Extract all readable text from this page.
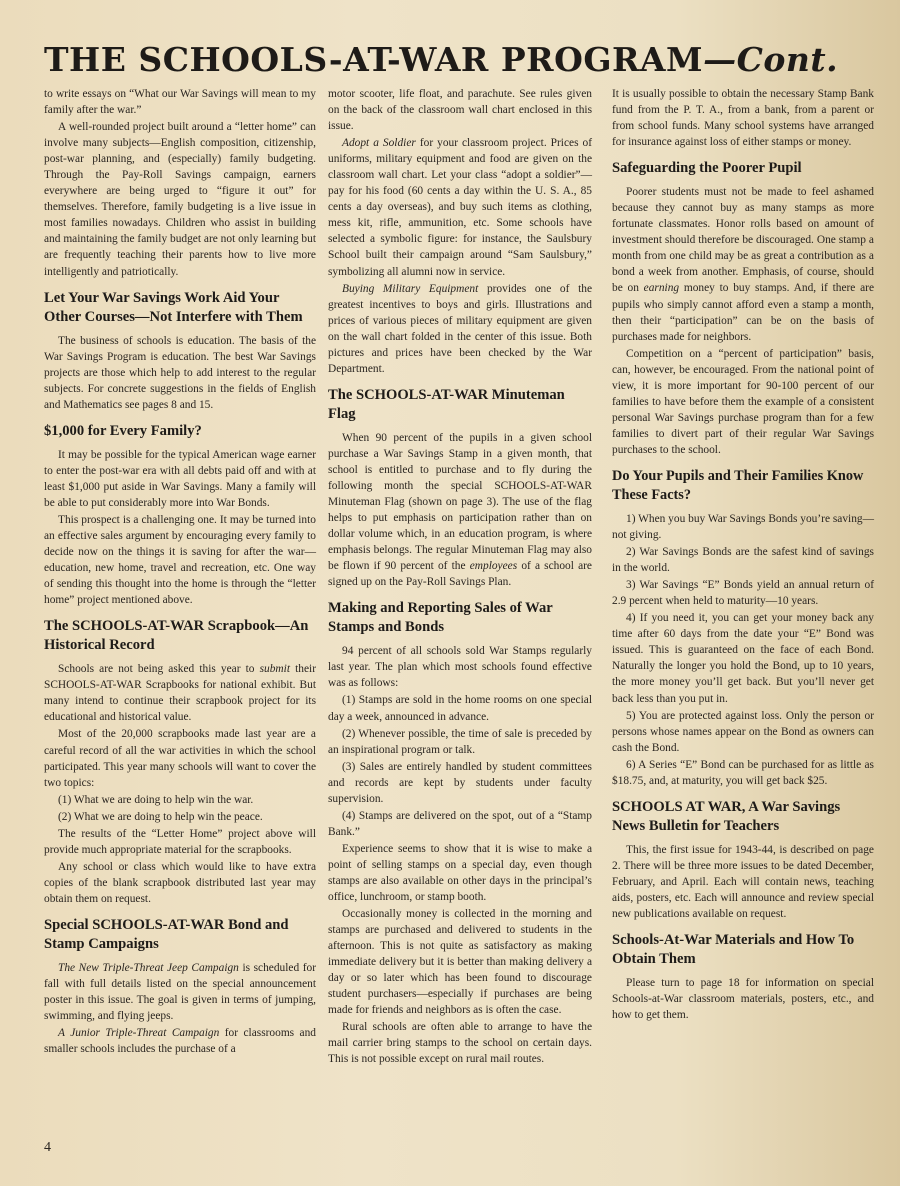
THE SCHOOLS-AT-WAR PROGRAM—Cont.

to write essays on “What our War Savings will mean to my family after the war.”

A well-rounded project built around a “letter home” can involve many subjects—English composition, citizenship, post-war planning, and (especially) family budgeting. Through the Pay-Roll Savings campaign, earners everywhere are being urged to “figure it out” for themselves. Therefore, family budgeting is a live issue in most families nowadays. Children who assist in building and maintaining the family budget are not only learning but are frequently teaching their parents how to live more intelligently and patriotically.

Let Your War Savings Work Aid Your Other Courses—Not Interfere with Them

The business of schools is education. The basis of the War Savings Program is education. The best War Savings projects are those which help to add interest to the regular subjects. For concrete suggestions in the fields of English and Mathematics see pages 8 and 15.

$1,000 for Every Family?

It may be possible for the typical American wage earner to enter the post-war era with all debts paid off and with at least $1,000 put aside in War Savings. Many a family will be able to put considerably more into War Bonds.

This prospect is a challenging one. It may be turned into an effective sales argument by encouraging every family to decide now on the things it is saving for after the war—education, new home, travel and recreation, etc. One way of sending this thought into the home is through the “letter home” project mentioned above.

The SCHOOLS-AT-WAR Scrapbook—An Historical Record

Schools are not being asked this year to submit their SCHOOLS-AT-WAR Scrapbooks for national exhibit. But many intend to continue their scrapbook project for its educational and historical value.

Most of the 20,000 scrapbooks made last year are a careful record of all the war activities in which the school participated. This year many schools will want to cover the two topics:

(1) What we are doing to help win the war.

(2) What we are doing to help win the peace.

The results of the “Letter Home” project above will provide much appropriate material for the scrapbooks.

Any school or class which would like to have extra copies of the blank scrapbook distributed last year may obtain them on request.

Special SCHOOLS-AT-WAR Bond and Stamp Campaigns

The New Triple-Threat Jeep Campaign is scheduled for fall with full details listed on the special announcement poster in this issue. The goal is given in terms of jumping, swimming, and flying jeeps.

A Junior Triple-Threat Campaign for classrooms and smaller schools includes the purchase of a

motor scooter, life float, and parachute. See rules given on the back of the classroom wall chart enclosed in this issue.

Adopt a Soldier for your classroom project. Prices of uniforms, military equipment and food are given on the classroom wall chart. Let your class “adopt a soldier”—pay for his food (60 cents a day within the U. S. A., 85 cents a day overseas), and buy such items as clothing, mess kit, rifle, ammunition, etc. Some schools have selected a symbolic figure: for instance, the Saulsbury School built their campaign around “Sam Saulsbury,” symbolizing all alumni now in service.

Buying Military Equipment provides one of the greatest incentives to boys and girls. Illustrations and prices of various pieces of military equipment are given on the wall chart folded in the center of this issue. Both pictures and prices have been checked by the War Department.

The SCHOOLS-AT-WAR Minuteman Flag

When 90 percent of the pupils in a given school purchase a War Savings Stamp in a given month, that school is entitled to purchase and to fly during the following month the special SCHOOLS-AT-WAR Minuteman Flag (shown on page 3). The use of the flag helps to put emphasis on participation rather than on dollar volume which, in an education program, is where emphasis belongs. The regular Minuteman Flag may also be flown if 90 percent of the employees of a school are signed up on the Pay-Roll Savings Plan.

Making and Reporting Sales of War Stamps and Bonds

94 percent of all schools sold War Stamps regularly last year. The plan which most schools found effective was as follows:

(1) Stamps are sold in the home rooms on one special day a week, announced in advance.

(2) Whenever possible, the time of sale is preceded by an inspirational program or talk.

(3) Sales are entirely handled by student committees and records are kept by students under faculty supervision.

(4) Stamps are delivered on the spot, out of a “Stamp Bank.”

Experience seems to show that it is wise to make a point of selling stamps on a special day, even though stamps are also available on other days in the principal’s office, lunchroom, or stamp booth.

Occasionally money is collected in the morning and stamps are purchased and delivered to students in the afternoon. This is not quite as satisfactory as making immediate delivery but it is better than making delivery a day or so later which has been found to discourage student purchasers—especially if purchases are being made for friends and neighbors as is often the case.

Rural schools are often able to arrange to have the mail carrier bring stamps to the school on certain days. This is not possible except on rural mail routes.

It is usually possible to obtain the necessary Stamp Bank fund from the P. T. A., from a bank, from a parent or from school funds. Many school systems have arranged for insurance against loss of either stamps or money.

Safeguarding the Poorer Pupil

Poorer students must not be made to feel ashamed because they cannot buy as many stamps as more fortunate classmates. Honor rolls based on amount of investment should therefore be discouraged. One stamp a month from one child may be as great a contribution as a bond a week from another. Emphasis, of course, should be on earning money to buy stamps. And, if there are pupils who simply cannot afford even a stamp a month, then their “participation” can be on the basis of purchases made for neighbors.

Competition on a “percent of participation” basis, can, however, be encouraged. From the national point of view, it is more important for 90-100 percent of our families to have before them the example of a consistent personal War Savings purchase program than for a few families to divert part of their regular War Savings purchases to the school.

Do Your Pupils and Their Families Know These Facts?

1) When you buy War Savings Bonds you’re saving—not giving.

2) War Savings Bonds are the safest kind of savings in the world.

3) War Savings “E” Bonds yield an annual return of 2.9 percent when held to maturity—10 years.

4) If you need it, you can get your money back any time after 60 days from the date your “E” Bond was issued. This is guaranteed on the face of each Bond. Naturally the longer you hold the Bond, up to 10 years, the more money you’ll get back. But you’ll never get back less than you put in.

5) You are protected against loss. Only the person or persons whose names appear on the Bond as owners can cash the Bond.

6) A Series “E” Bond can be purchased for as little as $18.75, and, at maturity, you will get back $25.

SCHOOLS AT WAR, A War Savings News Bulletin for Teachers

This, the first issue for 1943-44, is described on page 2. There will be three more issues to be dated December, February, and April. Each will contain news, teaching aids, posters, etc. Each will announce and review special new publications available on request.

Schools-At-War Materials and How To Obtain Them

Please turn to page 18 for information on special Schools-at-War classroom materials, posters, etc., and how to get them.

4
